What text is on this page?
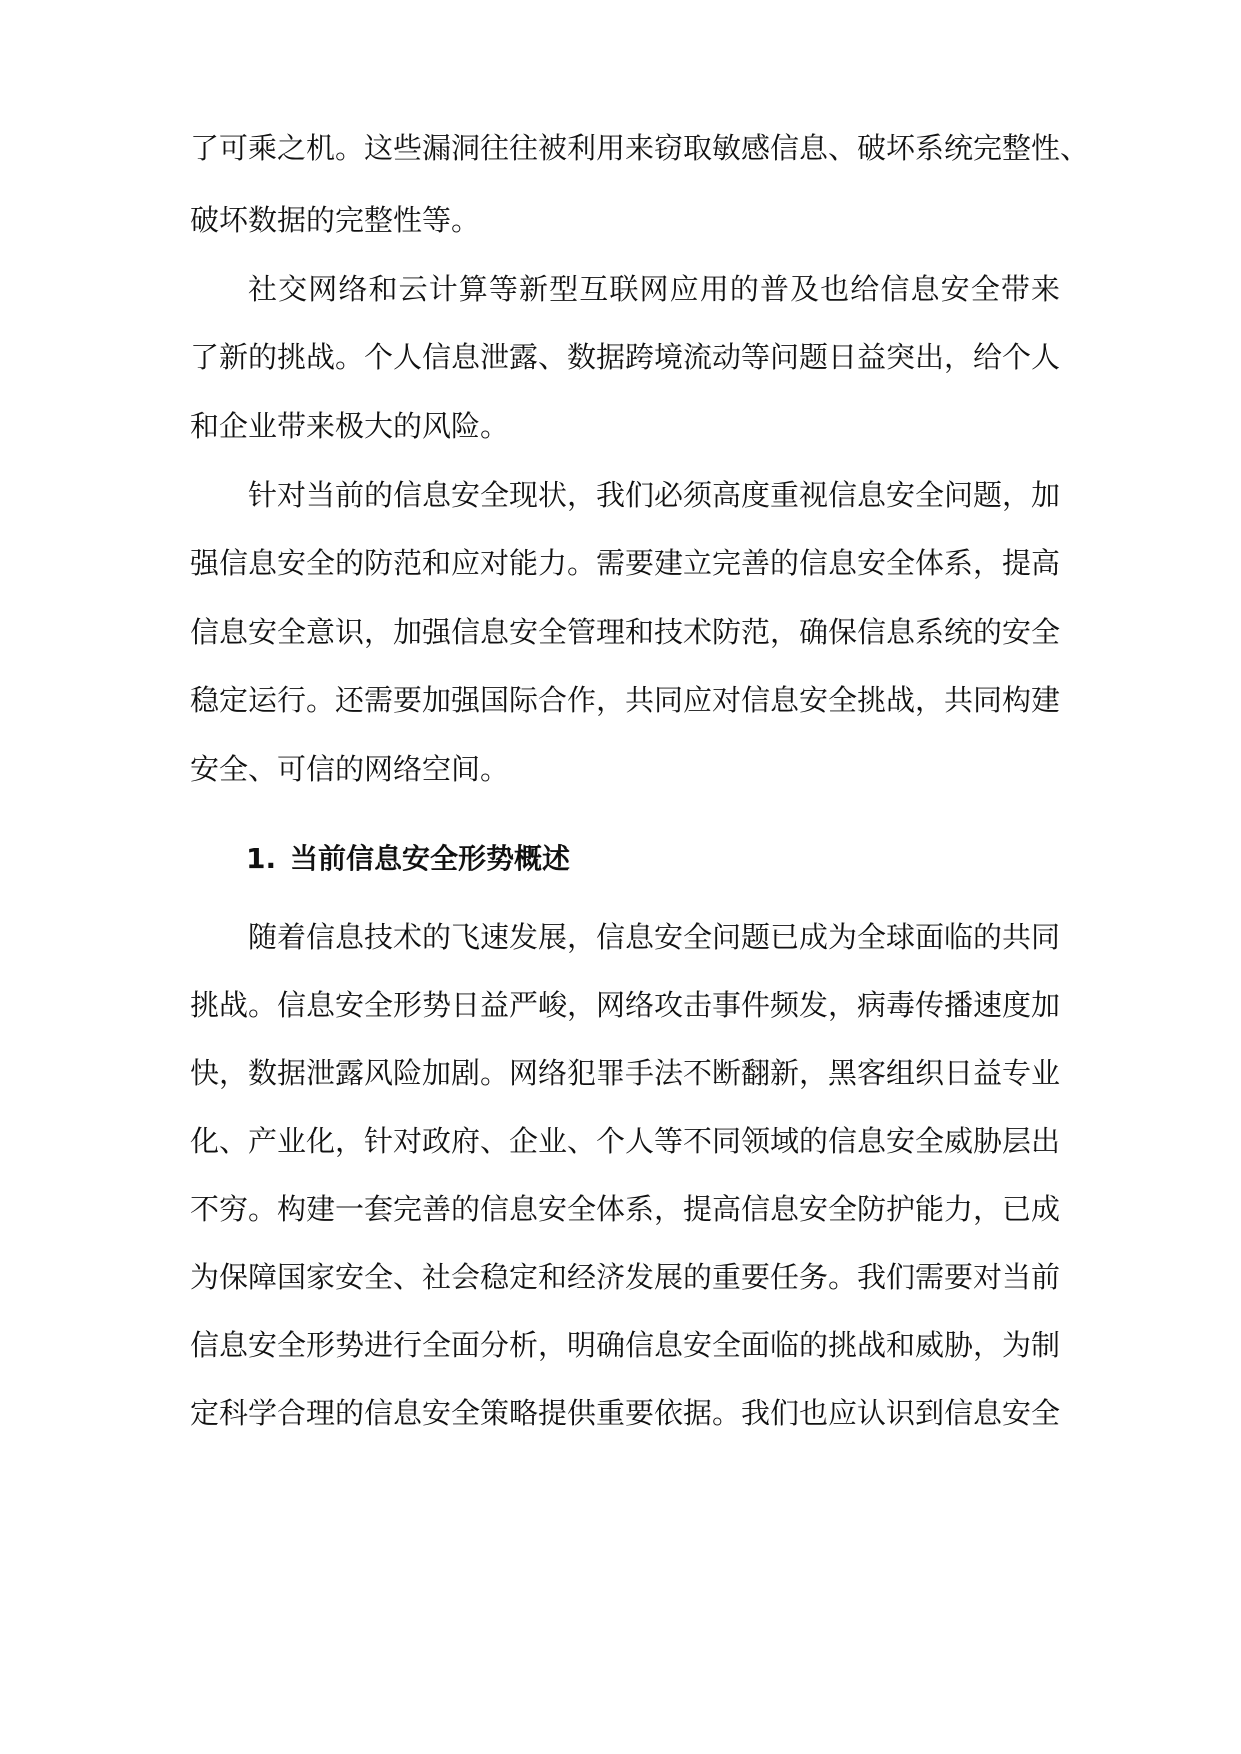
了可乘之机。这些漏洞往往被利用来窃取敏感信息、破坏系统完整性、
破坏数据的完整性等。
社交网络和云计算等新型互联网应用的普及也给信息安全带来
了新的挑战。个人信息泄露、数据跨境流动等问题日益突出，给个人
和企业带来极大的风险。
针对当前的信息安全现状，我们必须高度重视信息安全问题，加
强信息安全的防范和应对能力。需要建立完善的信息安全体系，提高
信息安全意识，加强信息安全管理和技术防范，确保信息系统的安全
稳定运行。还需要加强国际合作，共同应对信息安全挑战，共同构建
安全、可信的网络空间。
1. 当前信息安全形势概述
随着信息技术的飞速发展，信息安全问题已成为全球面临的共同
挑战。信息安全形势日益严峻，网络攻击事件频发，病毒传播速度加
快，数据泄露风险加剧。网络犯罪手法不断翻新，黑客组织日益专业
化、产业化，针对政府、企业、个人等不同领域的信息安全威胁层出
不穷。构建一套完善的信息安全体系，提高信息安全防护能力，已成
为保障国家安全、社会稳定和经济发展的重要任务。我们需要对当前
信息安全形势进行全面分析，明确信息安全面临的挑战和威胁，为制
定科学合理的信息安全策略提供重要依据。我们也应认识到信息安全
